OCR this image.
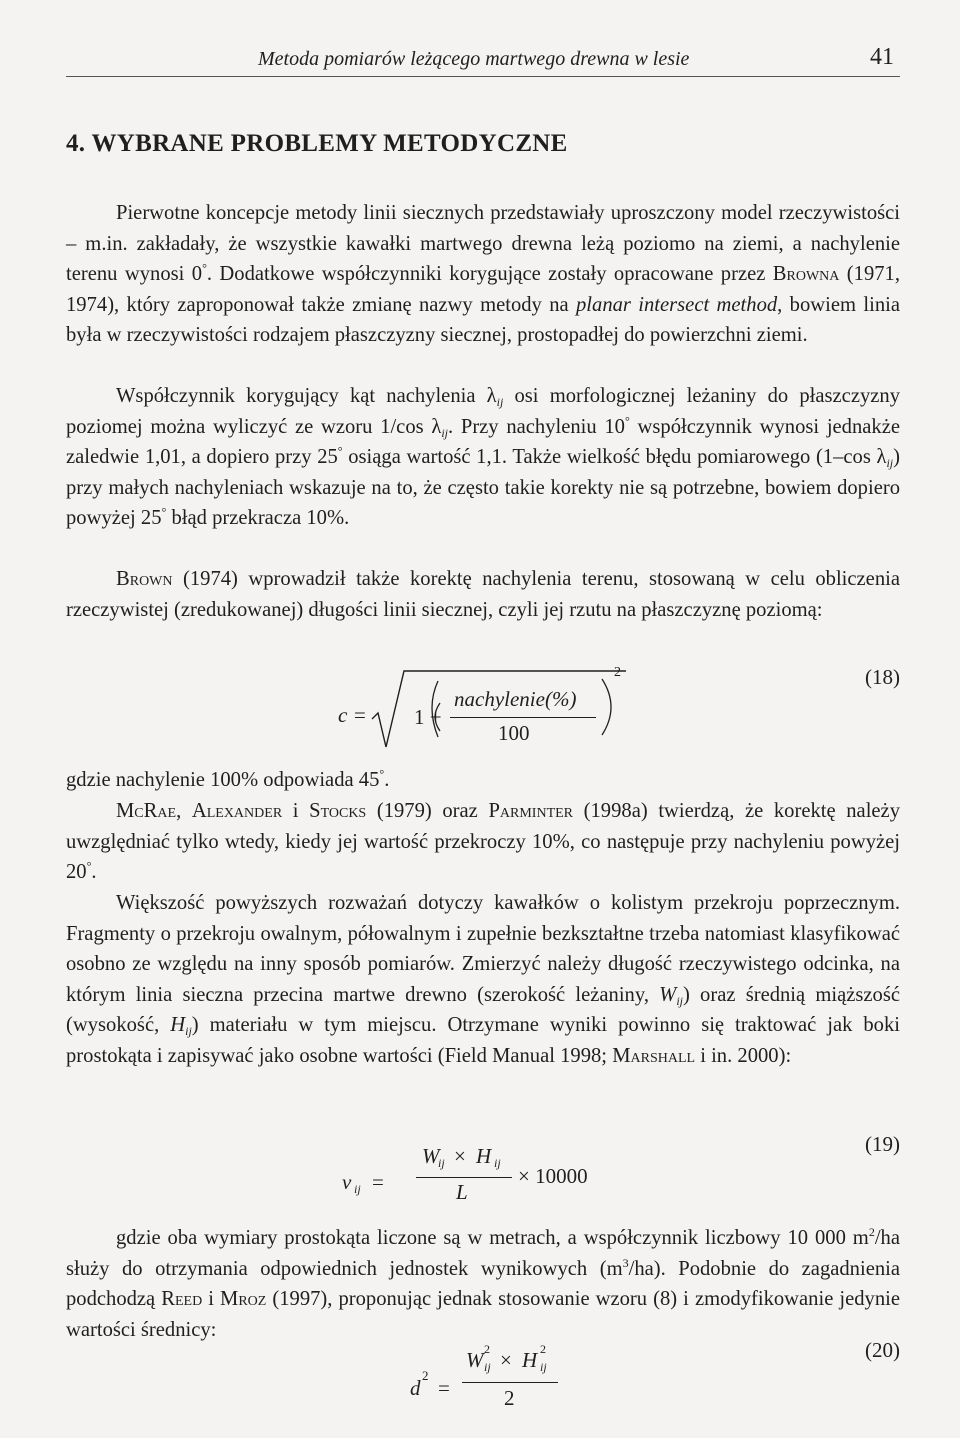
Metoda pomiarów leżącego martwego drewna w lesie	41
4. WYBRANE PROBLEMY METODYCZNE

Pierwotne koncepcje metody linii siecznych przedstawiały uproszczony model rzeczywistości – m.in. zakładały, że wszystkie kawałki martwego drewna leżą poziomo na ziemi, a nachylenie terenu wynosi 0°. Dodatkowe współczynniki korygujące zostały opracowane przez Browna (1971, 1974), który zaproponował także zmianę nazwy metody na planar intersect method, bowiem linia była w rzeczywistości rodzajem płaszczyzny siecznej, prostopadłej do powierzchni ziemi.

Współczynnik korygujący kąt nachylenia $\lambda_{ij}$ osi morfologicznej leżaniny do płaszczyzny poziomej można wyliczyć ze wzoru 1/cos $\lambda_{ij}$. Przy nachyleniu 10° współczynnik wynosi jednakże zaledwie 1,01, a dopiero przy 25° osiąga wartość 1,1. Także wielkość błędu pomiarowego (1–cos $\lambda_{ij}$) przy małych nachyleniach wskazuje na to, że często takie korekty nie są potrzebne, bowiem dopiero powyżej 25° błąd przekracza 10%.

Brown (1974) wprowadził także korektę nachylenia terenu, stosowaną w celu obliczenia rzeczywistej (zredukowanej) długości linii siecznej, czyli jej rzutu na płaszczyznę poziomą:

c = 1 +
nachylenie(%)
100
2	(18)

gdzie nachylenie 100% odpowiada 45°.

McRae, Alexander i Stocks (1979) oraz Parminter (1998a) twierdzą, że korektę należy uwzględniać tylko wtedy, kiedy jej wartość przekroczy 10%, co następuje przy nachyleniu powyżej 20°.

Większość powyższych rozważań dotyczy kawałków o kolistym przekroju poprzecznym. Fragmenty o przekroju owalnym, półowalnym i zupełnie bezkształtne trzeba natomiast klasyfikować osobno ze względu na inny sposób pomiarów. Zmierzyć należy długość rzeczywistego odcinka, na którym linia sieczna przecina martwe drewno (szerokość leżaniny, $W_{ij}$) oraz średnią miąższość (wysokość, $H_{ij}$) materiału w tym miejscu. Otrzymane wyniki powinno się traktować jak boki prostokąta i zapisywać jako osobne wartości (Field Manual 1998; Marshall i in. 2000):

v ij =
W
ij × H ij
L
× 10000
(19)

gdzie oba wymiary prostokąta liczone są w metrach, a współczynnik liczbowy 10 000 $m^2/ha$ służy do otrzymania odpowiednich jednostek wynikowych $(m^3/ha)$. Podobnie do zagadnienia podchodzą Reed i Mroz (1997), proponując jednak stosowanie wzoru (8) i zmodyfikowanie jedynie wartości średnicy:

d
2
=
W 2
ij × H 2
ij
2
(20)
